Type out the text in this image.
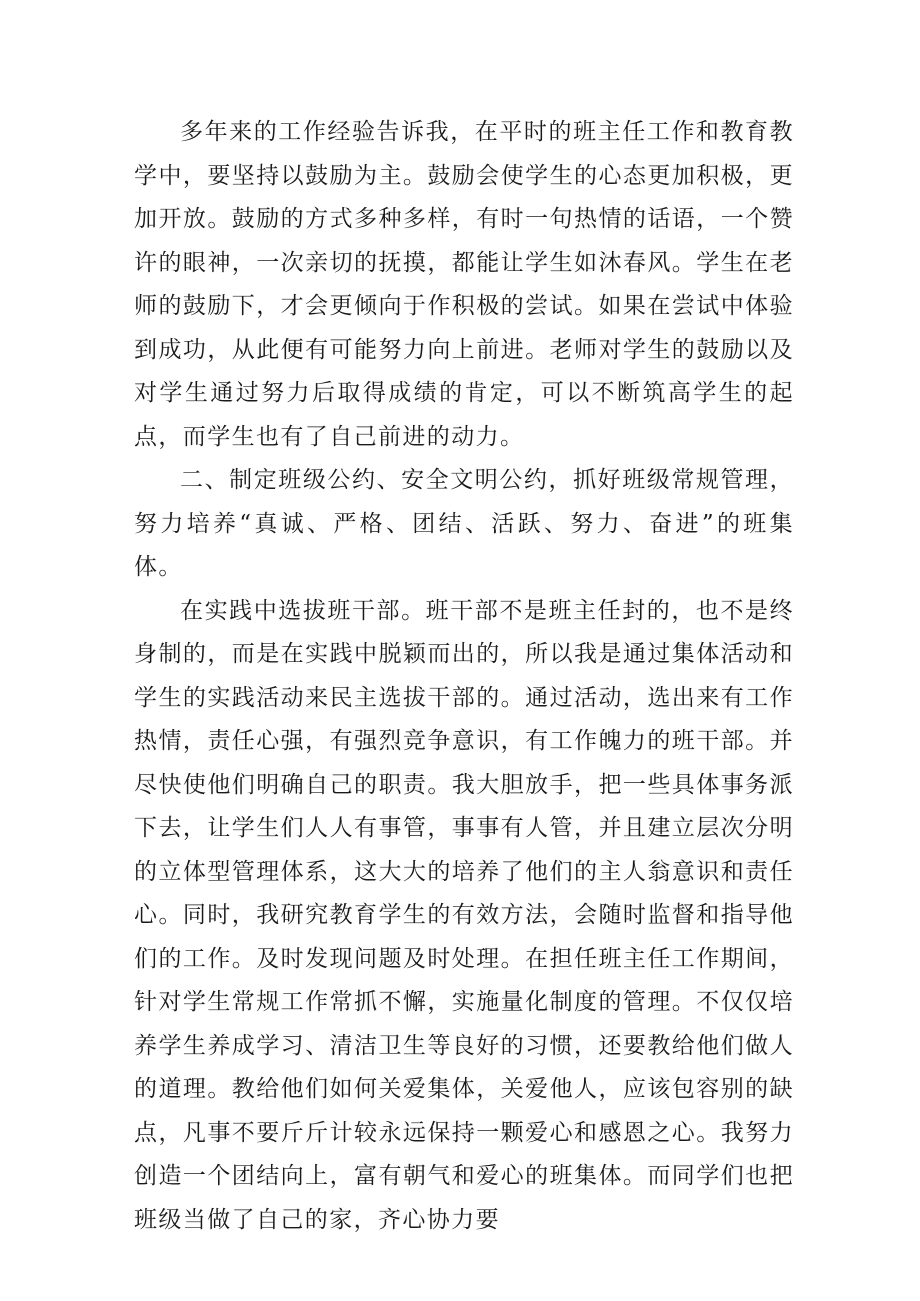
多年来的工作经验告诉我，在平时的班主任工作和教育教学中，要坚持以鼓励为主。鼓励会使学生的心态更加积极，更加开放。鼓励的方式多种多样，有时一句热情的话语，一个赞许的眼神，一次亲切的抚摸，都能让学生如沐春风。学生在老师的鼓励下，才会更倾向于作积极的尝试。如果在尝试中体验到成功，从此便有可能努力向上前进。老师对学生的鼓励以及对学生通过努力后取得成绩的肯定，可以不断筑高学生的起点，而学生也有了自己前进的动力。

二、制定班级公约、安全文明公约，抓好班级常规管理，努力培养“真诚、严格、团结、活跃、努力、奋进”的班集体。

在实践中选拔班干部。班干部不是班主任封的，也不是终身制的，而是在实践中脱颖而出的，所以我是通过集体活动和学生的实践活动来民主选拔干部的。通过活动，选出来有工作热情，责任心强，有强烈竞争意识，有工作魄力的班干部。并尽快使他们明确自己的职责。我大胆放手，把一些具体事务派下去，让学生们人人有事管，事事有人管，并且建立层次分明的立体型管理体系，这大大的培养了他们的主人翁意识和责任心。同时，我研究教育学生的有效方法，会随时监督和指导他们的工作。及时发现问题及时处理。在担任班主任工作期间，针对学生常规工作常抓不懈，实施量化制度的管理。不仅仅培养学生养成学习、清洁卫生等良好的习惯，还要教给他们做人的道理。教给他们如何关爱集体，关爱他人，应该包容别的缺点，凡事不要斤斤计较永远保持一颗爱心和感恩之心。我努力创造一个团结向上，富有朝气和爱心的班集体。而同学们也把班级当做了自己的家，齐心协力要
